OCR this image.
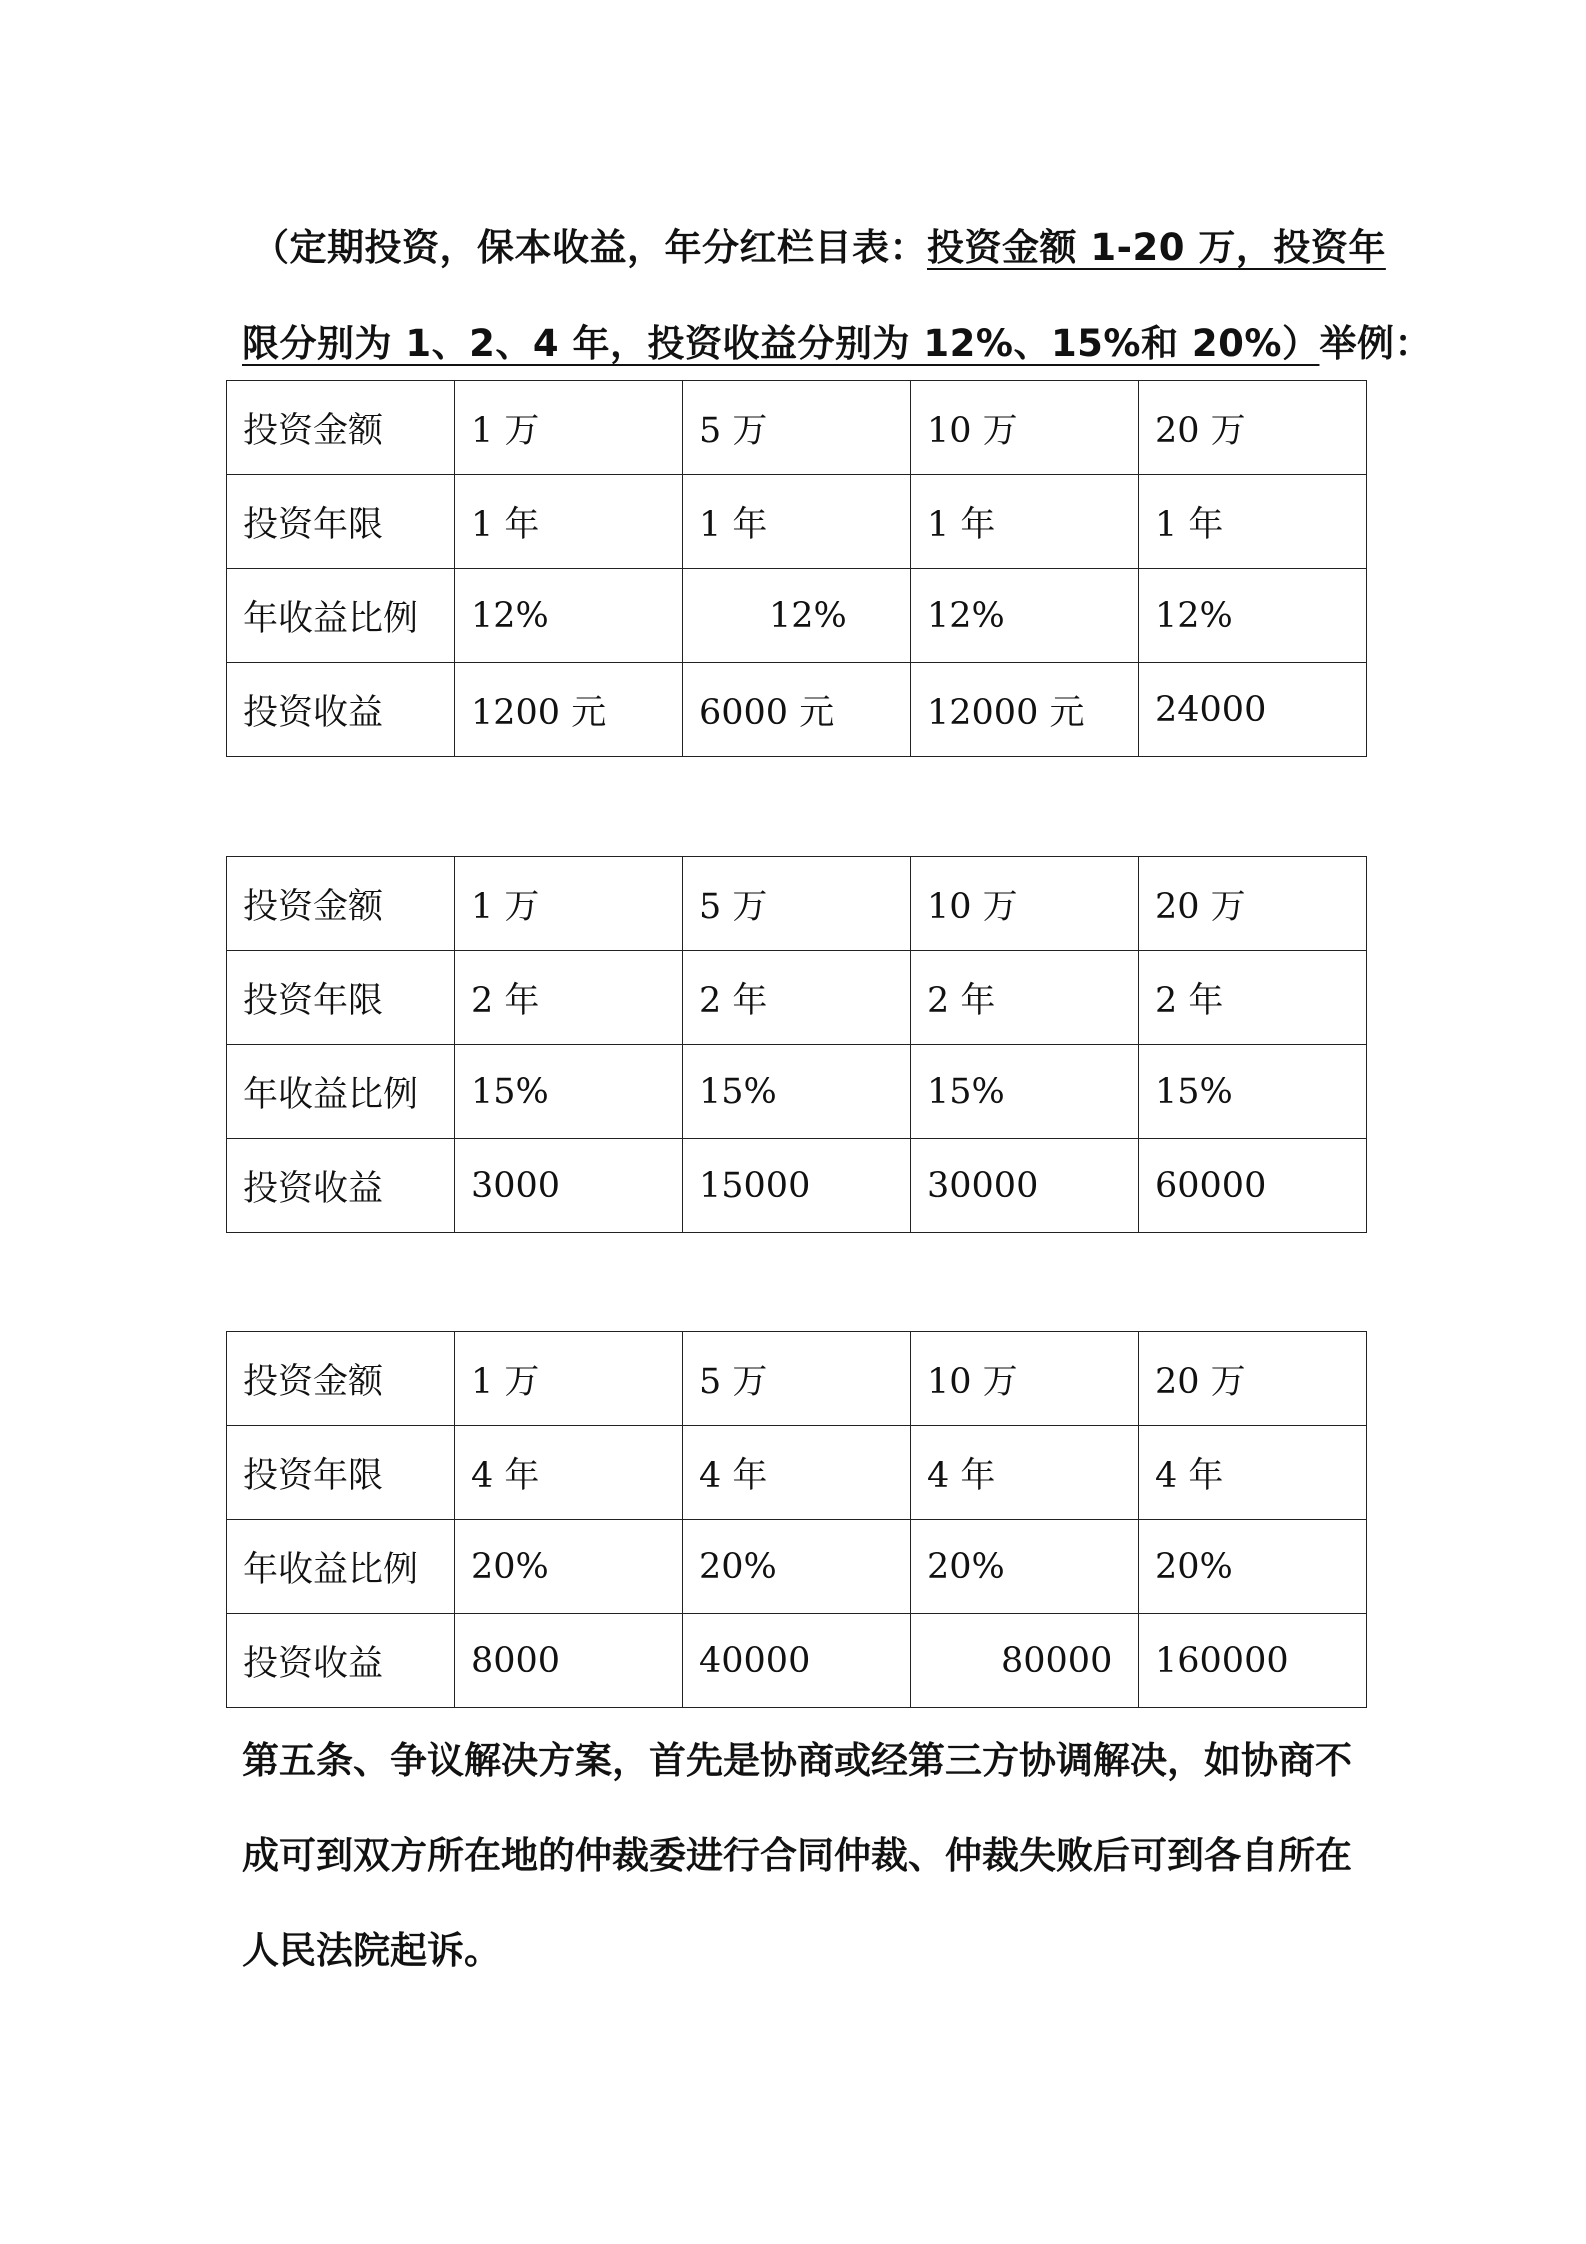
（定期投资，保本收益，年分红栏目表：投资金额 1-20 万，投资年
限分别为 1、2、4 年，投资收益分别为 12%、15%和 20%）举例：

投资金额	1 万	5 万	10 万	20 万
投资年限	1 年	1 年	1 年	1 年
年收益比例	12%	12%	12%	12%
投资收益	1200 元	6000 元	12000 元	24000
投资金额	1 万	5 万	10 万	20 万
投资年限	2 年	2 年	2 年	2 年
年收益比例	15%	15%	15%	15%
投资收益	3000	15000	30000	60000
投资金额	1 万	5 万	10 万	20 万
投资年限	4 年	4 年	4 年	4 年
年收益比例	20%	20%	20%	20%
投资收益	8000	40000	80000	160000

第五条、争议解决方案，首先是协商或经第三方协调解决，如协商不
成可到双方所在地的仲裁委进行合同仲裁、仲裁失败后可到各自所在
人民法院起诉。
